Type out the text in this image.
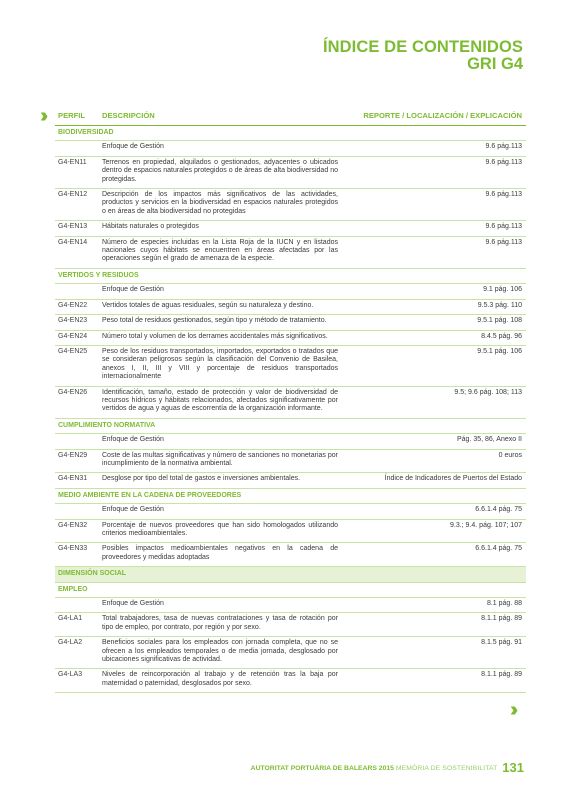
ÍNDICE DE CONTENIDOS
GRI G4
›› PERFIL	DESCRIPCIÓN	REPORTE / LOCALIZACIÓN / EXPLICACIÓN
BIODIVERSIDAD		
	Enfoque de Gestión	9.6 pág.113
G4-EN11	Terrenos en propiedad, alquilados o gestionados, adyacentes o ubicados dentro de espacios naturales protegidos o de áreas de alta biodiversidad no protegidas.	9.6 pág.113
G4-EN12	Descripción de los impactos más significativos de las actividades, productos y servicios en la biodiversidad en espacios naturales protegidos o en áreas de alta biodiversidad no protegidas	9.6 pág.113
G4-EN13	Hábitats naturales o protegidos	9.6 pág.113
G4-EN14	Número de especies incluidas en la Lista Roja de la IUCN y en listados nacionales cuyos hábitats se encuentren en áreas afectadas por las operaciones según el grado de amenaza de la especie.	9.6 pág.113
VERTIDOS Y RESIDUOS		
	Enfoque de Gestión	9.1 pág. 106
G4-EN22	Vertidos totales de aguas residuales, según su naturaleza y destino.	9.5.3 pág. 110
G4-EN23	Peso total de residuos gestionados, según tipo y método de tratamiento.	9.5.1 pág. 108
G4-EN24	Número total y volumen de los derrames accidentales más significativos.	8.4.5 pág. 96
G4-EN25	Peso de los residuos transportados, importados, exportados o tratados que se consideran peligrosos según la clasificación del Convenio de Basilea, anexos I, II, III y VIII y porcentaje de residuos transportados internacionalmente	9.5.1 pág. 106
G4-EN26	Identificación, tamaño, estado de protección y valor de biodiversidad de recursos hídricos y hábitats relacionados, afectados significativamente por vertidos de agua y aguas de escorrentía de la organización informante.	9.5; 9.6 pág. 108; 113
CUMPLIMIENTO NORMATIVA		
	Enfoque de Gestión	Pág. 35, 86, Anexo II
G4-EN29	Coste de las multas significativas y número de sanciones no monetarias por incumplimiento de la normativa ambiental.	0 euros
G4-EN31	Desglose por tipo del total de gastos e inversiones ambientales.	Índice de Indicadores de Puertos del Estado
MEDIO AMBIENTE EN LA CADENA DE PROVEEDORES		
	Enfoque de Gestión	6.6.1.4 pág. 75
G4-EN32	Porcentaje de nuevos proveedores que han sido homologados utilizando criterios medioambientales.	9.3.; 9.4. pág. 107; 107
G4-EN33	Posibles impactos medioambientales negativos en la cadena de proveedores y medidas adoptadas	6.6.1.4 pág. 75
DIMENSIÓN SOCIAL		
EMPLEO		
	Enfoque de Gestión	8.1 pág. 88
G4-LA1	Total trabajadores, tasa de nuevas contrataciones y tasa de rotación por tipo de empleo, por contrato, por región y por sexo.	8.1.1 pág. 89
G4-LA2	Beneficios sociales para los empleados con jornada completa, que no se ofrecen a los empleados temporales o de media jornada, desglosado por ubicaciones significativas de actividad.	8.1.5 pág. 91
G4-LA3	Niveles de reincorporación al trabajo y de retención tras la baja por maternidad o paternidad, desglosados por sexo.	8.1.1 pág. 89
››
AUTORITAT PORTUÀRIA DE BALEARS 2015 MEMÒRIA DE SOSTENIBILITAT 131
